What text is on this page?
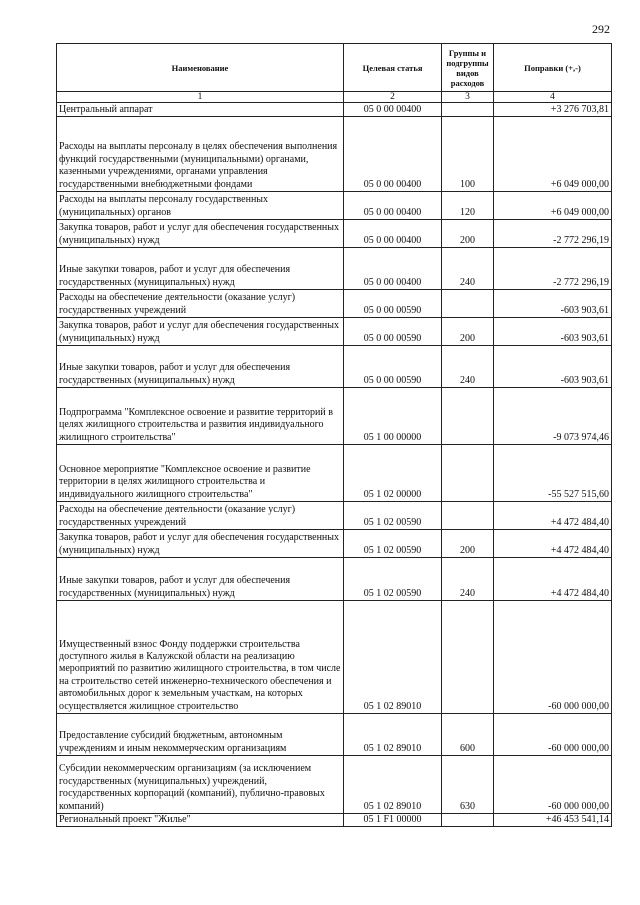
292
Наименование	Целевая статья	Группы и подгруппы видов расходов	Поправки (+,-)
1	2	3	4
Центральный аппарат	05 0 00 00400		+3 276 703,81
Расходы на выплаты персоналу в целях обеспечения выполнения функций государственными (муниципальными) органами, казенными учреждениями, органами управления государственными внебюджетными фондами	05 0 00 00400	100	+6 049 000,00
Расходы на выплаты персоналу государственных (муниципальных) органов	05 0 00 00400	120	+6 049 000,00
Закупка товаров, работ и услуг для обеспечения государственных (муниципальных) нужд	05 0 00 00400	200	-2 772 296,19
Иные закупки товаров, работ и услуг для обеспечения государственных (муниципальных) нужд	05 0 00 00400	240	-2 772 296,19
Расходы на обеспечение деятельности (оказание услуг) государственных учреждений	05 0 00 00590		-603 903,61
Закупка товаров, работ и услуг для обеспечения государственных (муниципальных) нужд	05 0 00 00590	200	-603 903,61
Иные закупки товаров, работ и услуг для обеспечения государственных (муниципальных) нужд	05 0 00 00590	240	-603 903,61
Подпрограмма "Комплексное освоение и развитие территорий в целях жилищного строительства и развития индивидуального жилищного строительства"	05 1 00 00000		-9 073 974,46
Основное мероприятие "Комплексное освоение и развитие территории в целях жилищного строительства и индивидуального жилищного строительства"	05 1 02 00000		-55 527 515,60
Расходы на обеспечение деятельности (оказание услуг) государственных учреждений	05 1 02 00590		+4 472 484,40
Закупка товаров, работ и услуг для обеспечения государственных (муниципальных) нужд	05 1 02 00590	200	+4 472 484,40
Иные закупки товаров, работ и услуг для обеспечения государственных (муниципальных) нужд	05 1 02 00590	240	+4 472 484,40
Имущественный взнос Фонду поддержки строительства доступного жилья в Калужской области на реализацию мероприятий по развитию жилищного строительства, в том числе на строительство сетей инженерно-технического обеспечения и автомобильных дорог к земельным участкам, на которых осуществляется жилищное строительство	05 1 02 89010		-60 000 000,00
Предоставление субсидий бюджетным, автономным учреждениям и иным некоммерческим организациям	05 1 02 89010	600	-60 000 000,00
Субсидии некоммерческим организациям (за исключением государственных (муниципальных) учреждений, государственных корпораций (компаний), публично-правовых компаний)	05 1 02 89010	630	-60 000 000,00
Региональный проект "Жилье"	05 1 F1 00000		+46 453 541,14
